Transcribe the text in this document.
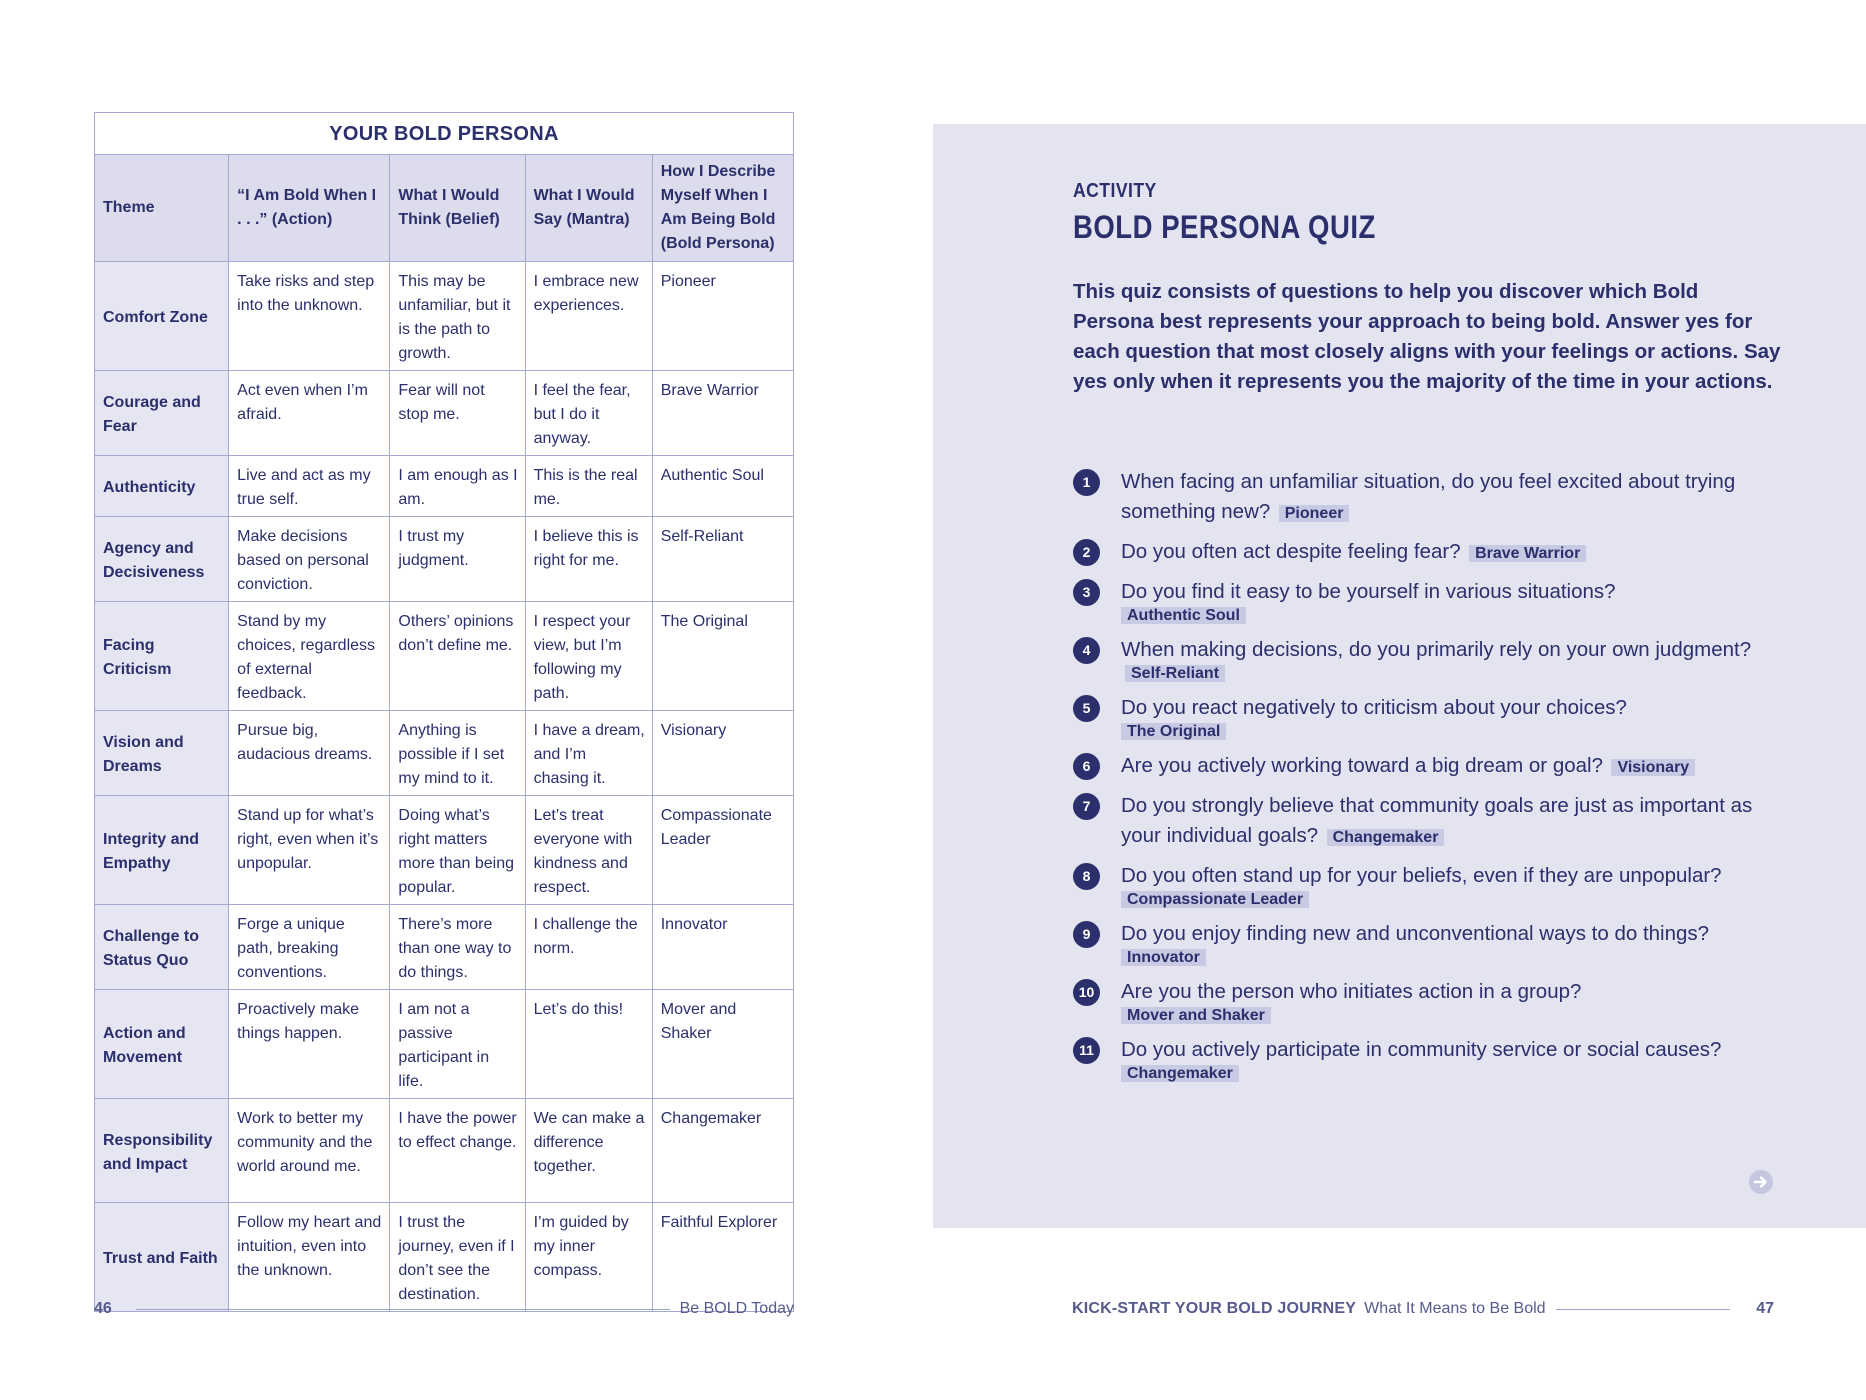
YOUR BOLD PERSONA				
Theme	“I Am Bold When I . . .” (Action)	What I Would Think (Belief)	What I Would Say (Mantra)	How I Describe Myself When I Am Being Bold (Bold Persona)
Comfort Zone	Take risks and step into the unknown.	This may be unfamiliar, but it is the path to growth.	I embrace new experiences.	Pioneer
Courage and Fear	Act even when I’m afraid.	Fear will not stop me.	I feel the fear, but I do it anyway.	Brave Warrior
Authenticity	Live and act as my true self.	I am enough as I am.	This is the real me.	Authentic Soul
Agency and Decisiveness	Make decisions based on personal conviction.	I trust my judgment.	I believe this is right for me.	Self-Reliant
Facing Criticism	Stand by my choices, regardless of external feedback.	Others’ opinions don’t define me.	I respect your view, but I’m following my path.	The Original
Vision and Dreams	Pursue big, audacious dreams.	Anything is possible if I set my mind to it.	I have a dream, and I’m chasing it.	Visionary
Integrity and Empathy	Stand up for what’s right, even when it’s unpopular.	Doing what’s right matters more than being popular.	Let’s treat everyone with kindness and respect.	Compassionate Leader
Challenge to Status Quo	Forge a unique path, breaking conventions.	There’s more than one way to do things.	I challenge the norm.	Innovator
Action and Movement	Proactively make things happen.	I am not a passive participant in life.	Let’s do this!	Mover and Shaker
Responsibility and Impact	Work to better my community and the world around me.	I have the power to effect change.	We can make a difference together.	Changemaker
Trust and Faith	Follow my heart and intuition, even into the unknown.	I trust the journey, even if I don’t see the destination.	I’m guided by my inner compass.	Faithful Explorer
46	Be BOLD Today
ACTIVITY
BOLD PERSONA QUIZ

This quiz consists of questions to help you discover which Bold Persona best represents your approach to being bold. Answer yes for each question that most closely aligns with your feelings or actions. Say yes only when it represents you the majority of the time in your actions.

1	When facing an unfamiliar situation, do you feel excited about trying something new? Pioneer
2	Do you often act despite feeling fear? Brave Warrior
3	Do you find it easy to be yourself in various situations?
Authentic Soul
4	When making decisions, do you primarily rely on your own judgment? Self-Reliant
5	Do you react negatively to criticism about your choices?
The Original
6	Are you actively working toward a big dream or goal? Visionary
7	Do you strongly believe that community goals are just as important as your individual goals? Changemaker
8	Do you often stand up for your beliefs, even if they are unpopular?
Compassionate Leader
9	Do you enjoy finding new and unconventional ways to do things?
Innovator
10 Are you the person who initiates action in a group?
Mover and Shaker
11 Do you actively participate in community service or social causes?
Changemaker
KICK-START YOUR BOLD JOURNEY What It Means to Be Bold	47
